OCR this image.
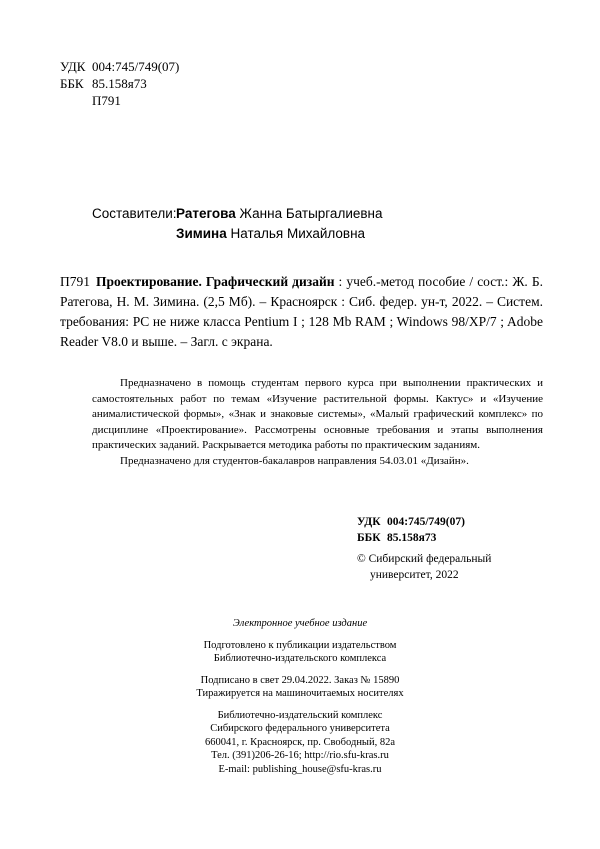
УДК 004:745/749(07)
ББК 85.158я73
П791
Составители: Ратегова Жанна Батыргалиевна
Зимина Наталья Михайловна
П791 Проектирование. Графический дизайн : учеб.-метод пособие / сост.: Ж. Б. Ратегова, Н. М. Зимина. (2,5 Мб). – Красноярск : Сиб. федер. ун-т, 2022. – Систем. требования: PC не ниже класса Pentium I ; 128 Mb RAM ; Windows 98/XP/7 ; Adobe Reader V8.0 и выше. – Загл. с экрана.

Предназначено в помощь студентам первого курса при выполнении практических и самостоятельных работ по темам «Изучение растительной формы. Кактус» и «Изучение анималистической формы», «Знак и знаковые системы», «Малый графический комплекс» по дисциплине «Проектирование». Рассмотрены основные требования и этапы выполнения практических заданий. Раскрывается методика работы по практическим заданиям.

Предназначено для студентов-бакалавров направления 54.03.01 «Дизайн».

УДК 004:745/749(07)
ББК 85.158я73
© Сибирский федеральный
университет, 2022
Электронное учебное издание
Подготовлено к публикации издательством
Библиотечно-издательского комплекса
Подписано в свет 29.04.2022. Заказ № 15890
Тиражируется на машиночитаемых носителях
Библиотечно-издательский комплекс
Сибирского федерального университета
660041, г. Красноярск, пр. Свободный, 82а
Тел. (391)206-26-16; http://rio.sfu-kras.ru
E-mail: publishing_house@sfu-kras.ru
